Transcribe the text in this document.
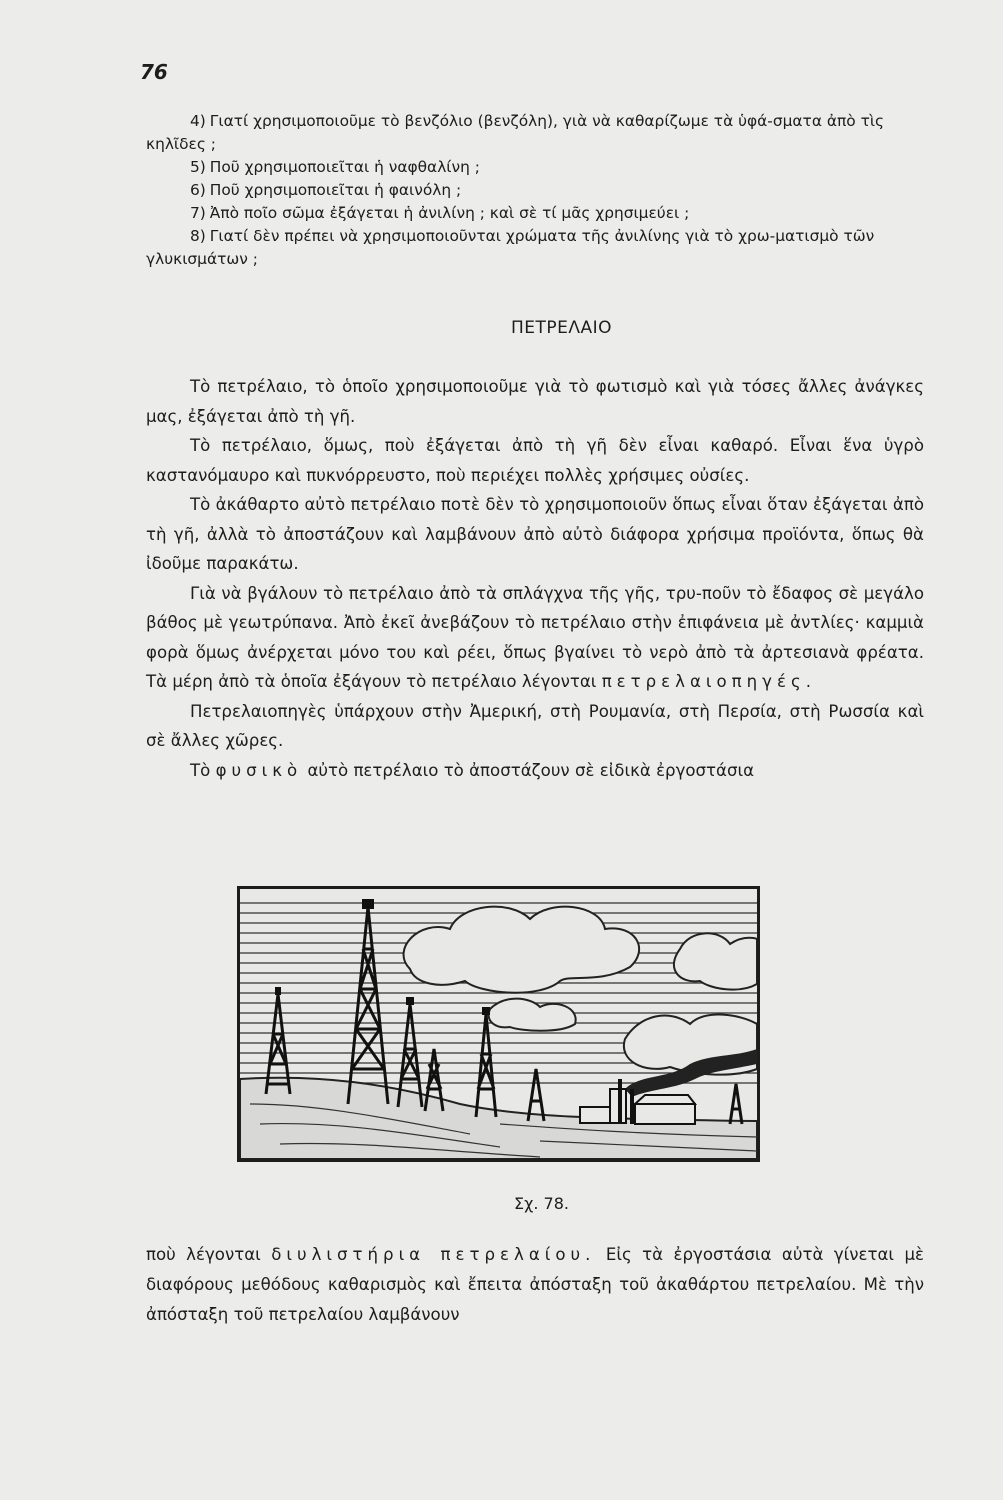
76

4) Γιατί χρησιμοποιοῦμε τὸ βενζόλιο (βενζόλη), γιὰ νὰ καθαρίζωμε τὰ ὑφά-σματα ἀπὸ τὶς κηλῖδες ;

5) Ποῦ χρησιμοποιεῖται ἡ ναφθαλίνη ;

6) Ποῦ χρησιμοποιεῖται ἡ φαινόλη ;

7) Ἀπὸ ποῖο σῶμα ἐξάγεται ἡ ἀνιλίνη ; καὶ σὲ τί μᾶς χρησιμεύει ;

8) Γιατί δὲν πρέπει νὰ χρησιμοποιοῦνται χρώματα τῆς ἀνιλίνης γιὰ τὸ χρω-ματισμὸ τῶν γλυκισμάτων ;

ΠΕΤΡΕΛΑΙΟ

Τὸ πετρέλαιο, τὸ ὁποῖο χρησιμοποιοῦμε γιὰ τὸ φωτισμὸ καὶ γιὰ τόσες ἄλλες ἀνάγκες μας, ἐξάγεται ἀπὸ τὴ γῆ.

Τὸ πετρέλαιο, ὅμως, ποὺ ἐξάγεται ἀπὸ τὴ γῆ δὲν εἶναι καθαρό. Εἶναι ἕνα ὑγρὸ καστανόμαυρο καὶ πυκνόρρευστο, ποὺ περιέχει πολλὲς χρήσιμες οὐσίες.

Τὸ ἀκάθαρτο αὐτὸ πετρέλαιο ποτὲ δὲν τὸ χρησιμοποιοῦν ὅπως εἶναι ὅταν ἐξάγεται ἀπὸ τὴ γῆ, ἀλλὰ τὸ ἀποστάζουν καὶ λαμβάνουν ἀπὸ αὐτὸ διάφορα χρήσιμα προϊόντα, ὅπως θὰ ἰδοῦμε παρακάτω.

Γιὰ νὰ βγάλουν τὸ πετρέλαιο ἀπὸ τὰ σπλάγχνα τῆς γῆς, τρυ-ποῦν τὸ ἔδαφος σὲ μεγάλο βάθος μὲ γεωτρύπανα. Ἀπὸ ἐκεῖ ἀνεβάζουν τὸ πετρέλαιο στὴν ἐπιφάνεια μὲ ἀντλίες· καμμιὰ φορὰ ὅμως ἀνέρχεται μόνο του καὶ ρέει, ὅπως βγαίνει τὸ νερὸ ἀπὸ τὰ ἀρτεσιανὰ φρέατα. Τὰ μέρη ἀπὸ τὰ ὁποῖα ἐξάγουν τὸ πετρέλαιο λέγονται πετρελαιοπηγές.

Πετρελαιοπηγὲς ὑπάρχουν στὴν Ἀμερική, στὴ Ρουμανία, στὴ Περσία, στὴ Ρωσσία καὶ σὲ ἄλλες χῶρες.

Τὸ φυσικὸ αὐτὸ πετρέλαιο τὸ ἀποστάζουν σὲ εἰδικὰ ἐργοστάσια

Σχ. 78.

ποὺ λέγονται διυλιστήρια πετρελαίου. Εἰς τὰ ἐργοστάσια αὐτὰ γίνεται μὲ διαφόρους μεθόδους καθαρισμὸς καὶ ἔπειτα ἀπόσταξη τοῦ ἀκαθάρτου πετρελαίου. Μὲ τὴν ἀπόσταξη τοῦ πετρελαίου λαμβάνουν
